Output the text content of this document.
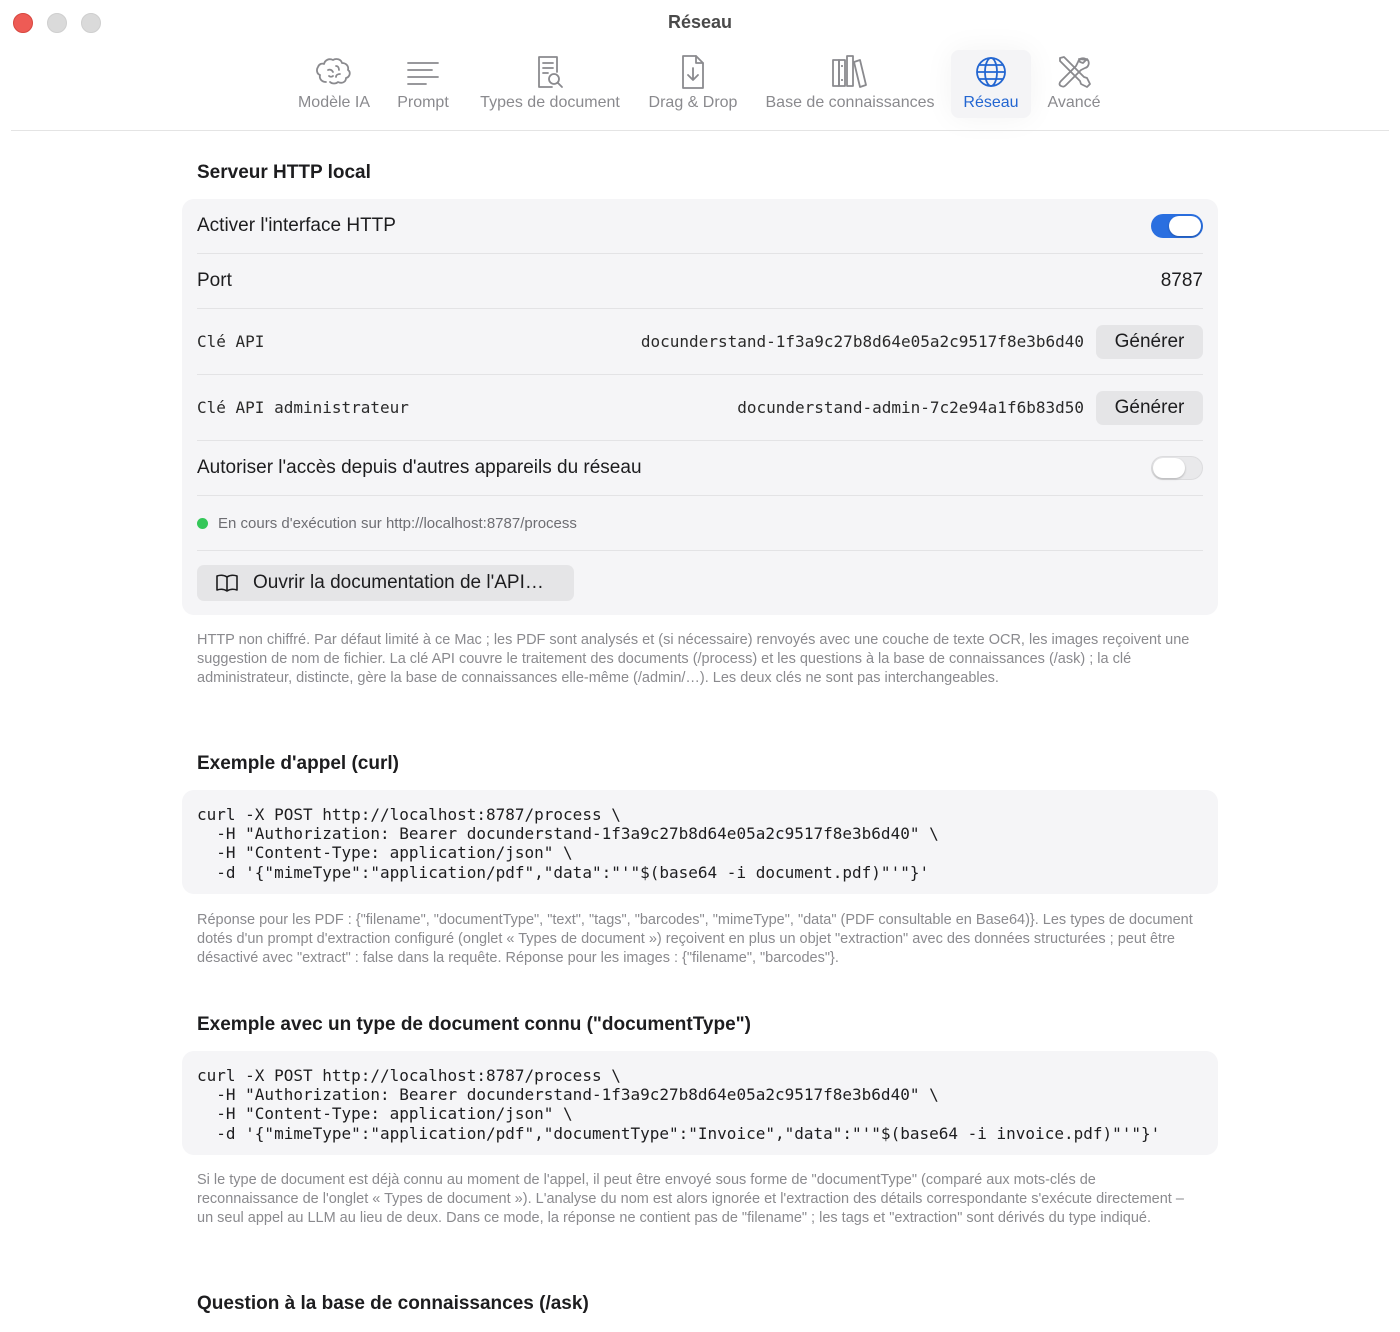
Réseau
Modèle IA Prompt Types de document Drag & Drop Base de connaissances Réseau Avancé
Serveur HTTP local
Activer l'interface HTTP
Port	8787
Clé API	docunderstand-1f3a9c27b8d64e05a2c9517f8e3b6d40	Générer
Clé API administrateur	docunderstand-admin-7c2e94a1f6b83d50	Générer
Autoriser l'accès depuis d'autres appareils du réseau
En cours d'exécution sur http://localhost:8787/process
Ouvrir la documentation de l'API…
HTTP non chiffré. Par défaut limité à ce Mac ; les PDF sont analysés et (si nécessaire) renvoyés avec une couche de texte OCR, les images reçoivent une suggestion de nom de fichier. La clé API couvre le traitement des documents (/process) et les questions à la base de connaissances (/ask) ; la clé administrateur, distincte, gère la base de connaissances elle-même (/admin/…). Les deux clés ne sont pas interchangeables.
Exemple d'appel (curl)
curl -X POST http://localhost:8787/process \
-H "Authorization: Bearer docunderstand-1f3a9c27b8d64e05a2c9517f8e3b6d40" \
-H "Content-Type: application/json" \
-d '{"mimeType":"application/pdf","data":"'"$(base64 -i document.pdf)"'"}'
Réponse pour les PDF : {"filename", "documentType", "text", "tags", "barcodes", "mimeType", "data" (PDF consultable en Base64)}. Les types de document dotés d'un prompt d'extraction configuré (onglet « Types de document ») reçoivent en plus un objet "extraction" avec des données structurées ; peut être désactivé avec "extract" : false dans la requête. Réponse pour les images : {"filename", "barcodes"}.
Exemple avec un type de document connu ("documentType")
curl -X POST http://localhost:8787/process \
-H "Authorization: Bearer docunderstand-1f3a9c27b8d64e05a2c9517f8e3b6d40" \
-H "Content-Type: application/json" \
-d '{"mimeType":"application/pdf","documentType":"Invoice","data":"'"$(base64 -i invoice.pdf)"'"}'
Si le type de document est déjà connu au moment de l'appel, il peut être envoyé sous forme de "documentType" (comparé aux mots-clés de reconnaissance de l'onglet « Types de document »). L'analyse du nom est alors ignorée et l'extraction des détails correspondante s'exécute directement – un seul appel au LLM au lieu de deux. Dans ce mode, la réponse ne contient pas de "filename" ; les tags et "extraction" sont dérivés du type indiqué.
Question à la base de connaissances (/ask)
